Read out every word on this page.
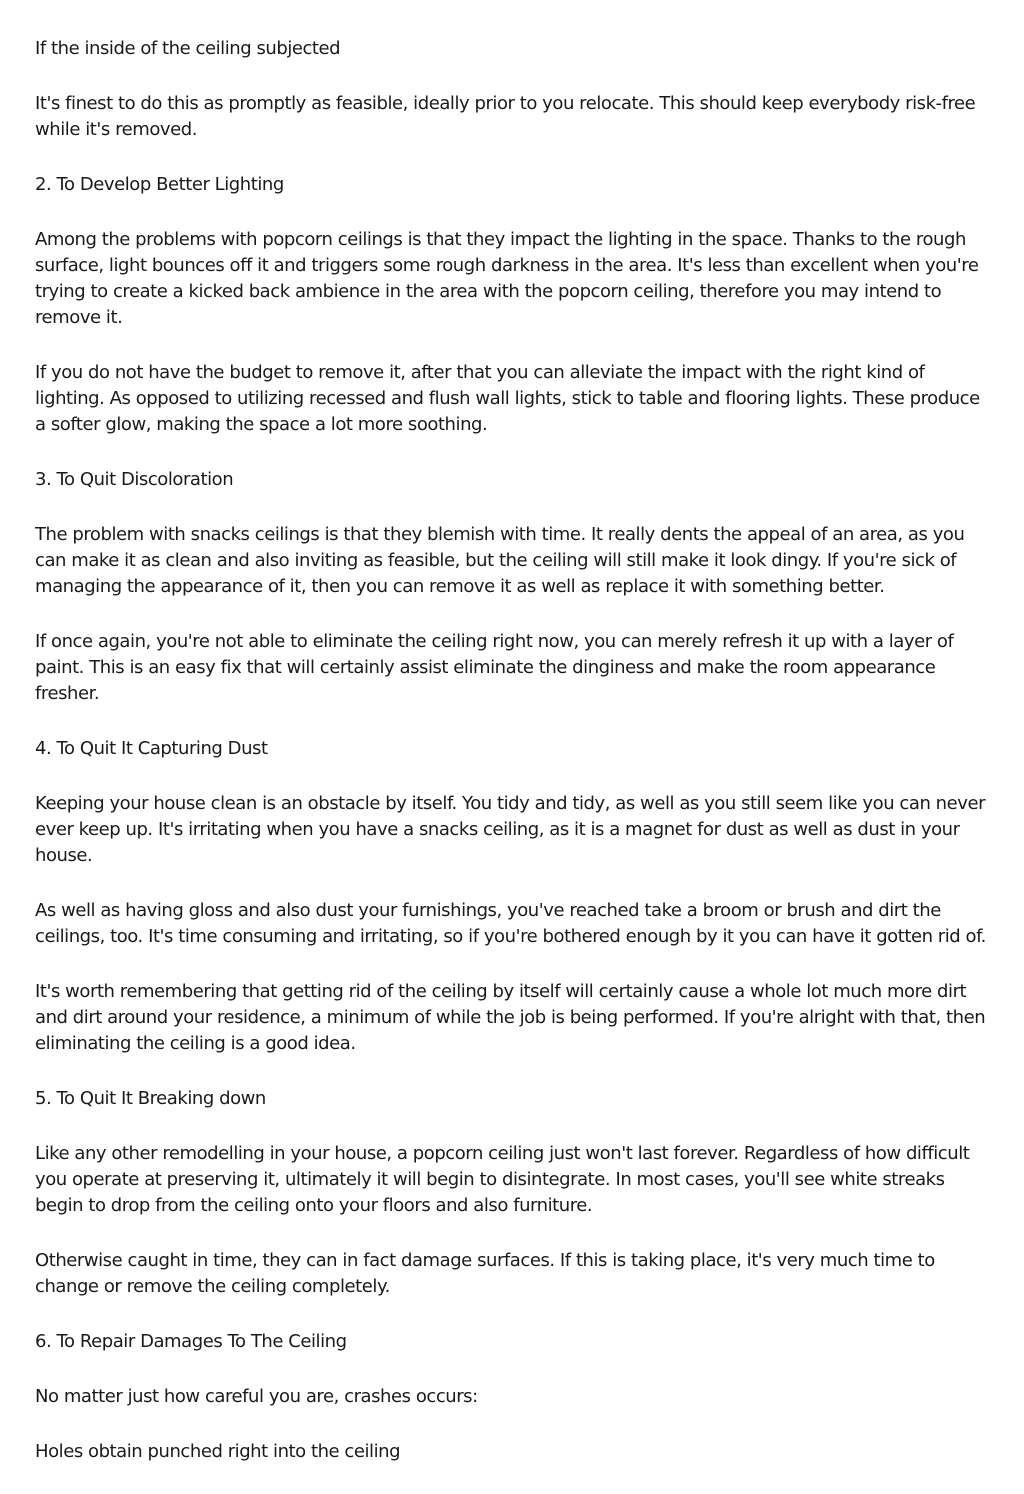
If the inside of the ceiling subjected

It's finest to do this as promptly as feasible, ideally prior to you relocate. This should keep everybody risk-free while it's removed.

2. To Develop Better Lighting

Among the problems with popcorn ceilings is that they impact the lighting in the space. Thanks to the rough surface, light bounces off it and triggers some rough darkness in the area. It's less than excellent when you're trying to create a kicked back ambience in the area with the popcorn ceiling, therefore you may intend to remove it.

If you do not have the budget to remove it, after that you can alleviate the impact with the right kind of lighting. As opposed to utilizing recessed and flush wall lights, stick to table and flooring lights. These produce a softer glow, making the space a lot more soothing.

3. To Quit Discoloration

The problem with snacks ceilings is that they blemish with time. It really dents the appeal of an area, as you can make it as clean and also inviting as feasible, but the ceiling will still make it look dingy. If you're sick of managing the appearance of it, then you can remove it as well as replace it with something better.

If once again, you're not able to eliminate the ceiling right now, you can merely refresh it up with a layer of paint. This is an easy fix that will certainly assist eliminate the dinginess and make the room appearance fresher.

4. To Quit It Capturing Dust

Keeping your house clean is an obstacle by itself. You tidy and tidy, as well as you still seem like you can never ever keep up. It's irritating when you have a snacks ceiling, as it is a magnet for dust as well as dust in your house.

As well as having gloss and also dust your furnishings, you've reached take a broom or brush and dirt the ceilings, too. It's time consuming and irritating, so if you're bothered enough by it you can have it gotten rid of.

It's worth remembering that getting rid of the ceiling by itself will certainly cause a whole lot much more dirt and dirt around your residence, a minimum of while the job is being performed. If you're alright with that, then eliminating the ceiling is a good idea.

5. To Quit It Breaking down

Like any other remodelling in your house, a popcorn ceiling just won't last forever. Regardless of how difficult you operate at preserving it, ultimately it will begin to disintegrate. In most cases, you'll see white streaks begin to drop from the ceiling onto your floors and also furniture.

Otherwise caught in time, they can in fact damage surfaces. If this is taking place, it's very much time to change or remove the ceiling completely.

6. To Repair Damages To The Ceiling

No matter just how careful you are, crashes occurs:

Holes obtain punched right into the ceiling
